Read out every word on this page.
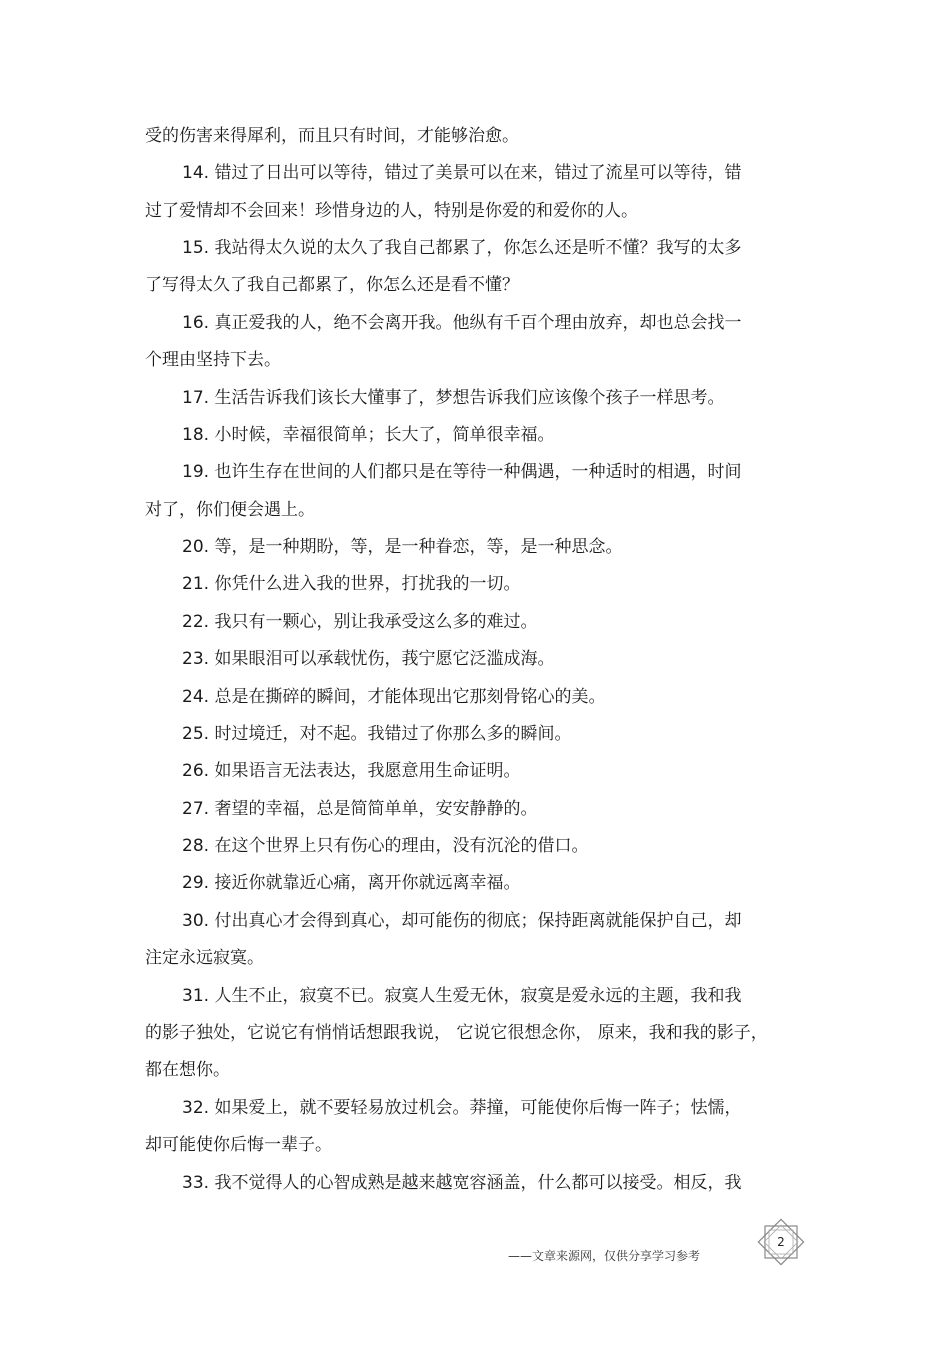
受的伤害来得犀利，而且只有时间，才能够治愈。
14. 错过了日出可以等待，错过了美景可以在来，错过了流星可以等待，错
过了爱情却不会回来！珍惜身边的人，特别是你爱的和爱你的人。
15. 我站得太久说的太久了我自己都累了，你怎么还是听不懂？我写的太多
了写得太久了我自己都累了，你怎么还是看不懂？
16. 真正爱我的人，绝不会离开我。他纵有千百个理由放弃，却也总会找一
个理由坚持下去。
17. 生活告诉我们该长大懂事了，梦想告诉我们应该像个孩子一样思考。
18. 小时候，幸福很简单；长大了，简单很幸福。
19. 也许生存在世间的人们都只是在等待一种偶遇，一种适时的相遇，时间
对了，你们便会遇上。
20. 等，是一种期盼，等，是一种眷恋，等，是一种思念。
21. 你凭什么进入我的世界，打扰我的一切。
22. 我只有一颗心，别让我承受这么多的难过。
23. 如果眼泪可以承载忧伤，莪宁愿它泛滥成海。
24. 总是在撕碎的瞬间，才能体现出它那刻骨铭心的美。
25. 时过境迁，对不起。我错过了你那么多的瞬间。
26. 如果语言无法表达，我愿意用生命证明。
27. 奢望的幸福，总是简简单单，安安静静的。
28. 在这个世界上只有伤心的理由，没有沉沦的借口。
29. 接近你就靠近心痛，离开你就远离幸福。
30. 付出真心才会得到真心，却可能伤的彻底；保持距离就能保护自己，却
注定永远寂寞。
31. 人生不止，寂寞不已。寂寞人生爱无休，寂寞是爱永远的主题，我和我
的影子独处，它说它有悄悄话想跟我说， 它说它很想念你， 原来，我和我的影子，
都在想你。
32. 如果爱上，就不要轻易放过机会。莽撞，可能使你后悔一阵子；怯懦，
却可能使你后悔一辈子。
33. 我不觉得人的心智成熟是越来越宽容涵盖，什么都可以接受。相反，我
——文章来源网，仅供分享学习参考
2
